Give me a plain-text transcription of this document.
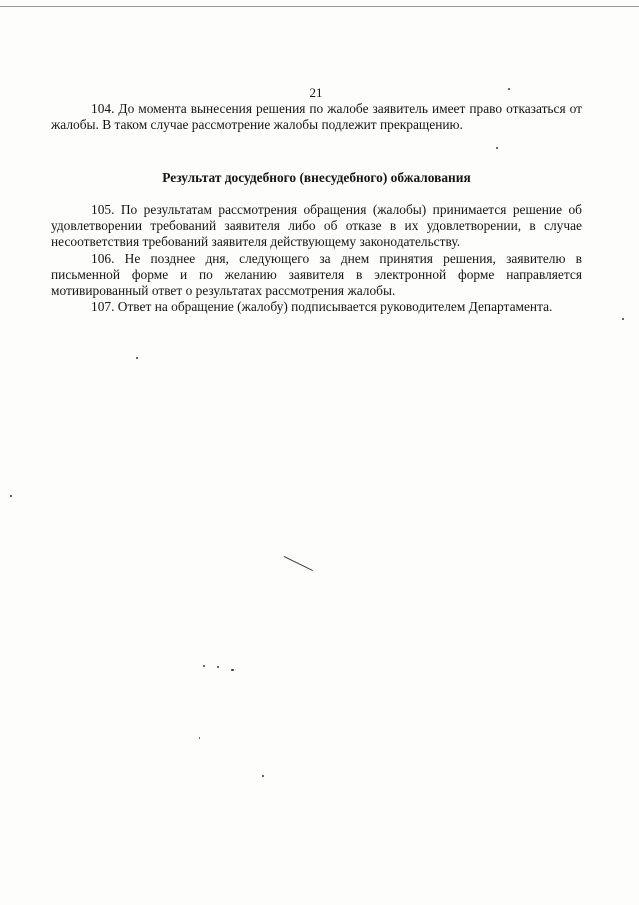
21

104. До момента вынесения решения по жалобе заявитель имеет право отказаться от жалобы. В таком случае рассмотрение жалобы подлежит прекращению.

Результат досудебного (внесудебного) обжалования

105. По результатам рассмотрения обращения (жалобы) принимается решение об удовлетворении требований заявителя либо об отказе в их удовлетворении, в случае несоответствия требований заявителя действующему законодательству.

106. Не позднее дня, следующего за днем принятия решения, заявителю в письменной форме и по желанию заявителя в электронной форме направляется мотивированный ответ о результатах рассмотрения жалобы.

107. Ответ на обращение (жалобу) подписывается руководителем Департамента.
